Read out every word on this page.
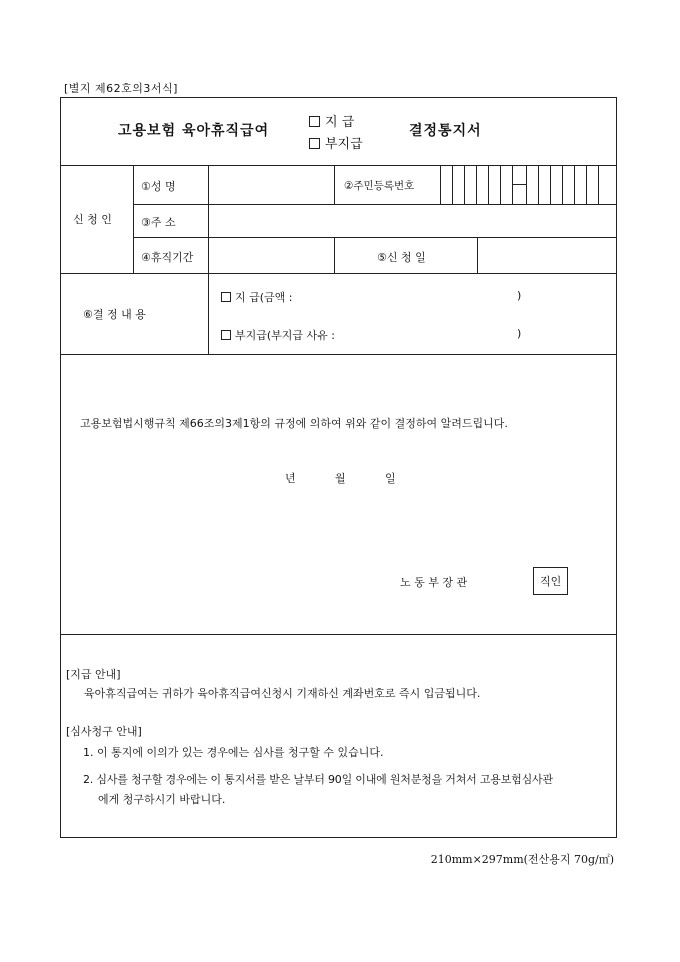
[별지 제62호의3서식]
고용보험 육아휴직급여
지 급
부지급
결정통지서
신 청 인
①성 명	②주민등록번호
③주 소
④휴직기간	⑤신 청 일
⑥결 정 내 용
지 급(금액 :	)
부지급(부지급 사유 :	)
고용보험법시행규칙 제66조의3제1항의 규정에 의하여 위와 같이 결정하여 알려드립니다.
년	월	일
노 동 부 장 관	직인
[지급 안내]
육아휴직급여는 귀하가 육아휴직급여신청시 기재하신 계좌번호로 즉시 입금됩니다.
[심사청구 안내]
1. 이 통지에 이의가 있는 경우에는 심사를 청구할 수 있습니다.
2. 심사를 청구할 경우에는 이 통지서를 받은 날부터 90일 이내에 원처분청을 거쳐서 고용보험심사관
에게 청구하시기 바랍니다.
210mm×297mm(전산용지 70g/㎡)
